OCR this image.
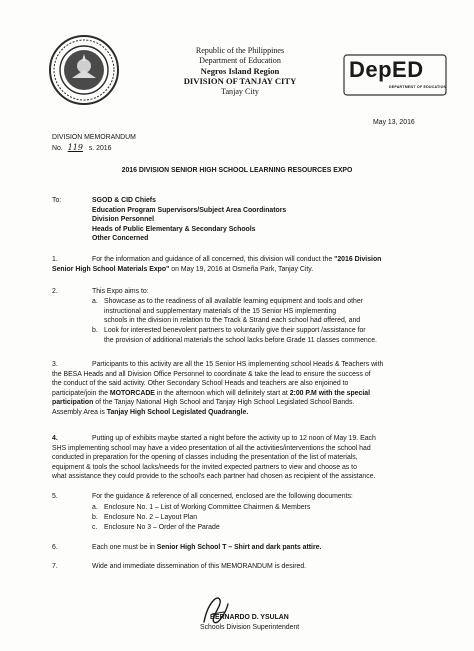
Republic of the Philippines
Department of Education
Negros Island Region
DIVISION OF TANJAY CITY
Tanjay City
DepED
DEPARTMENT OF EDUCATION
May 13, 2016
DIVISION MEMORANDUM
No. 119 s. 2016
2016 DIVISION SENIOR HIGH SCHOOL LEARNING RESOURCES EXPO
To:	SGOD & CID Chiefs
Education Program Supervisors/Subject Area Coordinators
Division Personnel
Heads of Public Elementary & Secondary Schools
Other Concerned
1.	For the information and guidance of all concerned, this division will conduct the "2016 Division
Senior High School Materials Expo" on May 19, 2016 at Osmeña Park, Tanjay City.
2.	This Expo aims to:
a. Showcase as to the readiness of all available learning equipment and tools and other
instructional and supplementary materials of the 15 Senior HS implementing
schools in the division in relation to the Track & Strand each school had offered, and
b. Look for interested benevolent partners to voluntarily give their support /assistance for
the provision of additional materials the school lacks before Grade 11 classes commence.
3.	Participants to this activity are all the 15 Senior HS implementing school Heads & Teachers with
the BESA Heads and all Division Office Personnel to coordinate & take the lead to ensure the success of
the conduct of the said activity. Other Secondary School Heads and teachers are also enjoined to
participate/join the MOTORCADE in the afternoon which will definitely start at 2:00 P.M with the special
participation of the Tanjay National High School and Tanjay High School Legislated School Bands.
Assembly Area is Tanjay High School Legislated Quadrangle.
4.	Putting up of exhibits maybe started a night before the activity up to 12 noon of May 19. Each
SHS implementing school may have a video presentation of all the activities/interventions the school had
conducted in preparation for the opening of classes including the presentation of the list of materials,
equipment & tools the school lacks/needs for the invited expected partners to view and choose as to
what assistance they could provide to the school's each partner had chosen as recipient of the assistance.
5.	For the guidance & reference of all concerned, enclosed are the following documents:
a. Enclosure No. 1 – List of Working Committee Chairmen & Members
b. Enclosure No. 2 – Layout Plan
c. Enclosure No 3 – Order of the Parade
6.	Each one must be in Senior High School T – Shirt and dark pants attire.
7.	Wide and immediate dissemination of this MEMORANDUM is desired.
BERNARDO D. YSULAN
Schools Division Superintendent
